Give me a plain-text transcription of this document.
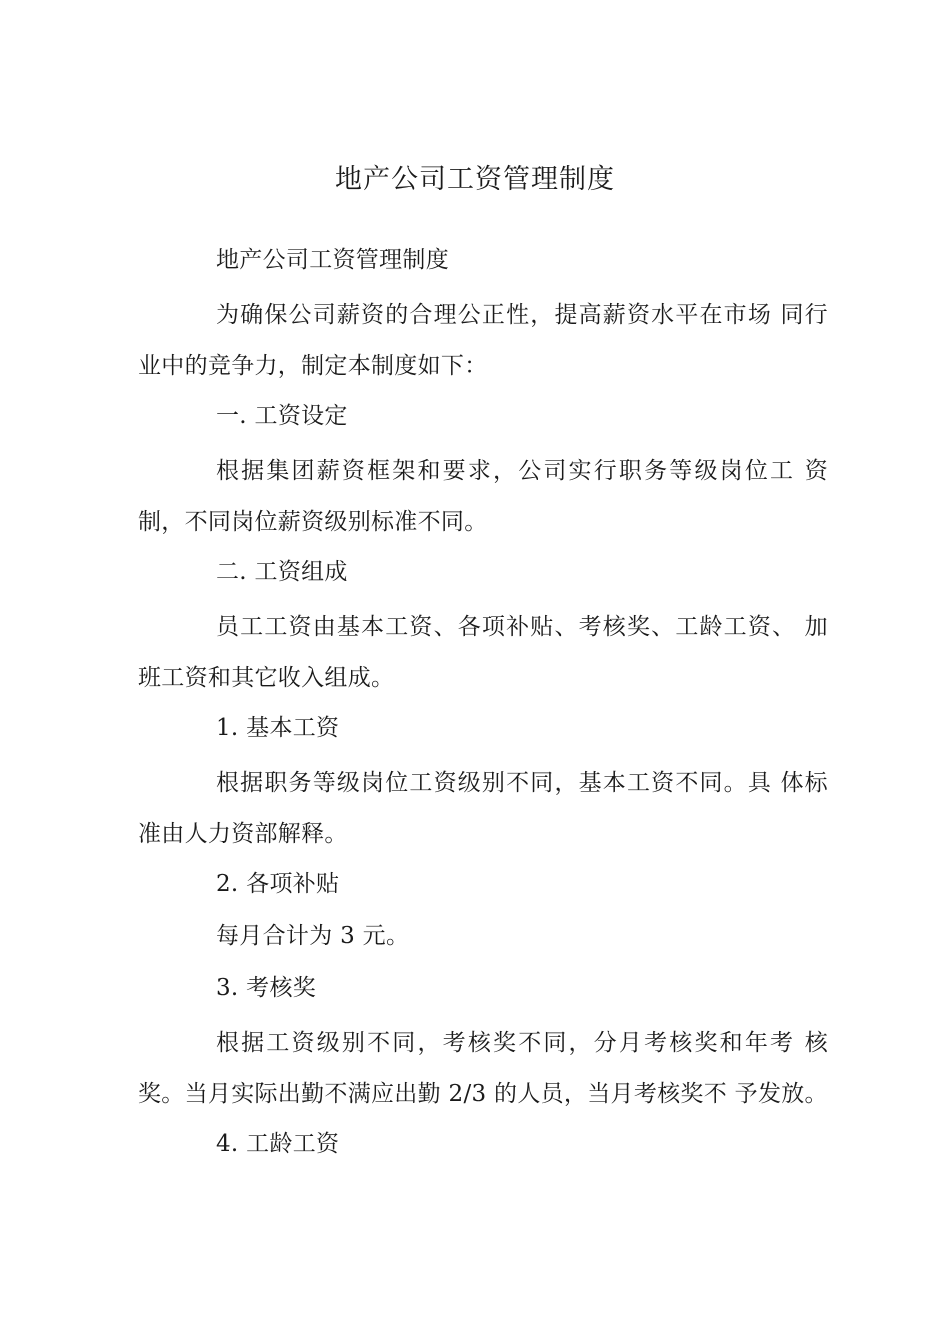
地产公司工资管理制度

地产公司工资管理制度

为确保公司薪资的合理公正性，提高薪资水平在市场 同行业中的竞争力，制定本制度如下：

一. 工资设定

根据集团薪资框架和要求，公司实行职务等级岗位工 资制，不同岗位薪资级别标准不同。

二. 工资组成

员工工资由基本工资、各项补贴、考核奖、工龄工资、 加班工资和其它收入组成。

1. 基本工资

根据职务等级岗位工资级别不同，基本工资不同。具 体标准由人力资部解释。

2. 各项补贴

每月合计为 3 元。

3. 考核奖

根据工资级别不同，考核奖不同，分月考核奖和年考 核奖。当月实际出勤不满应出勤 2/3 的人员，当月考核奖不 予发放。

4. 工龄工资
